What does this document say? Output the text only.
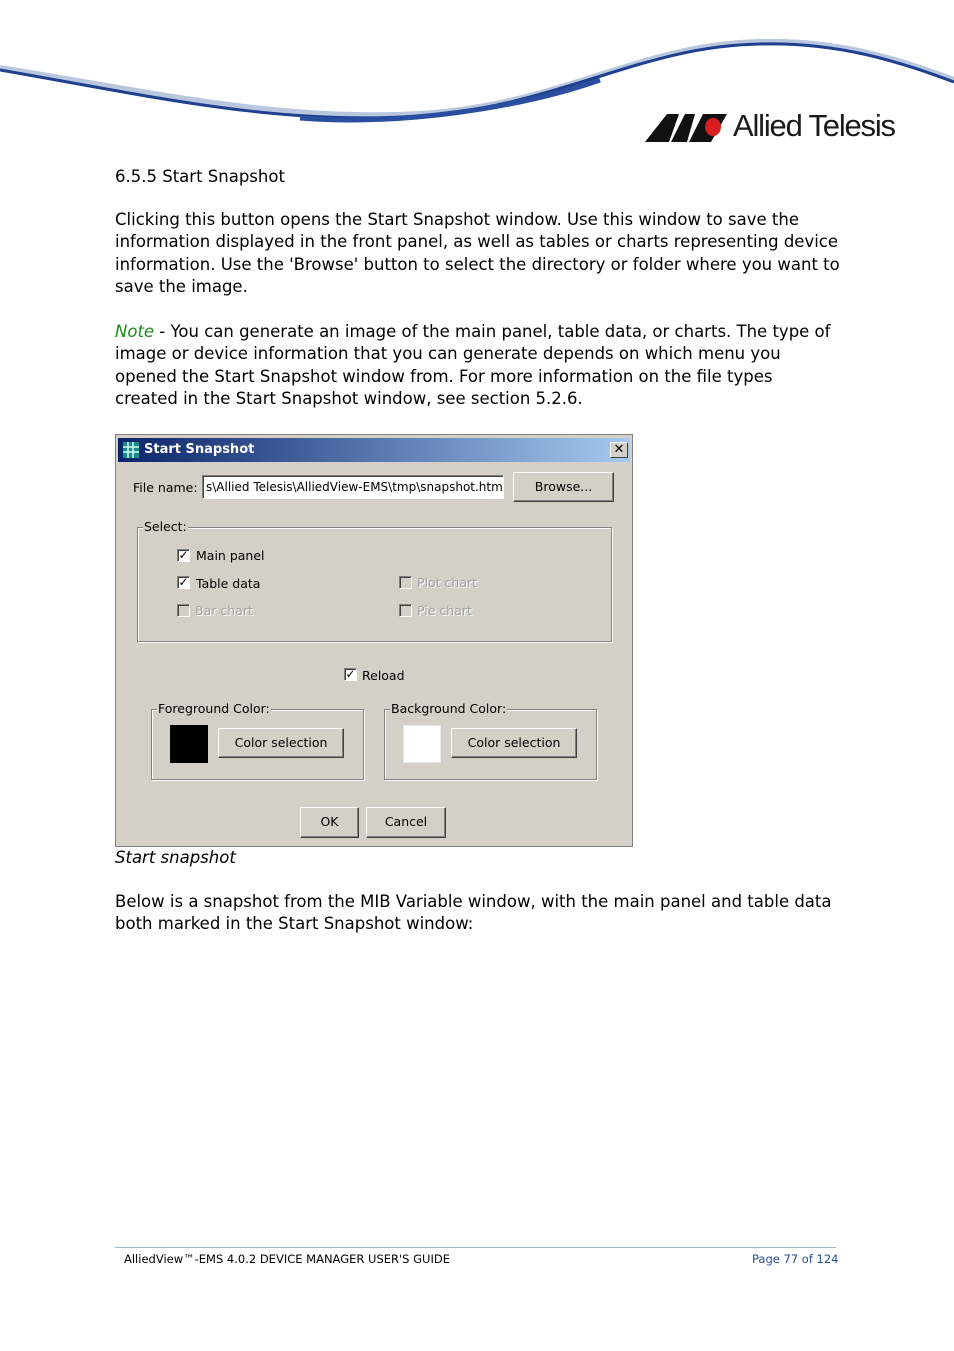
Allied Telesis
6.5.5 Start Snapshot
Clicking this button opens the Start Snapshot window. Use this window to save the information displayed in the front panel, as well as tables or charts representing device information. Use the 'Browse' button to select the directory or folder where you want to save the image.
Note - You can generate an image of the main panel, table data, or charts. The type of image or device information that you can generate depends on which menu you opened the Start Snapshot window from. For more information on the file types created in the Start Snapshot window, see section 5.2.6.
Start Snapshot	✕
File name: s\Allied Telesis\AlliedView-EMS\tmp\snapshot.htm	Browse...
Select:
✓ Main panel
✓ Table data
Bar chart
Plot chart
Pie chart
✓ Reload
Foreground Color:
Color selection
Background Color:
Color selection
OK	Cancel
Start snapshot
Below is a snapshot from the MIB Variable window, with the main panel and table data both marked in the Start Snapshot window:
AlliedView™-EMS 4.0.2 DEVICE MANAGER USER'S GUIDE	Page 77 of 124
